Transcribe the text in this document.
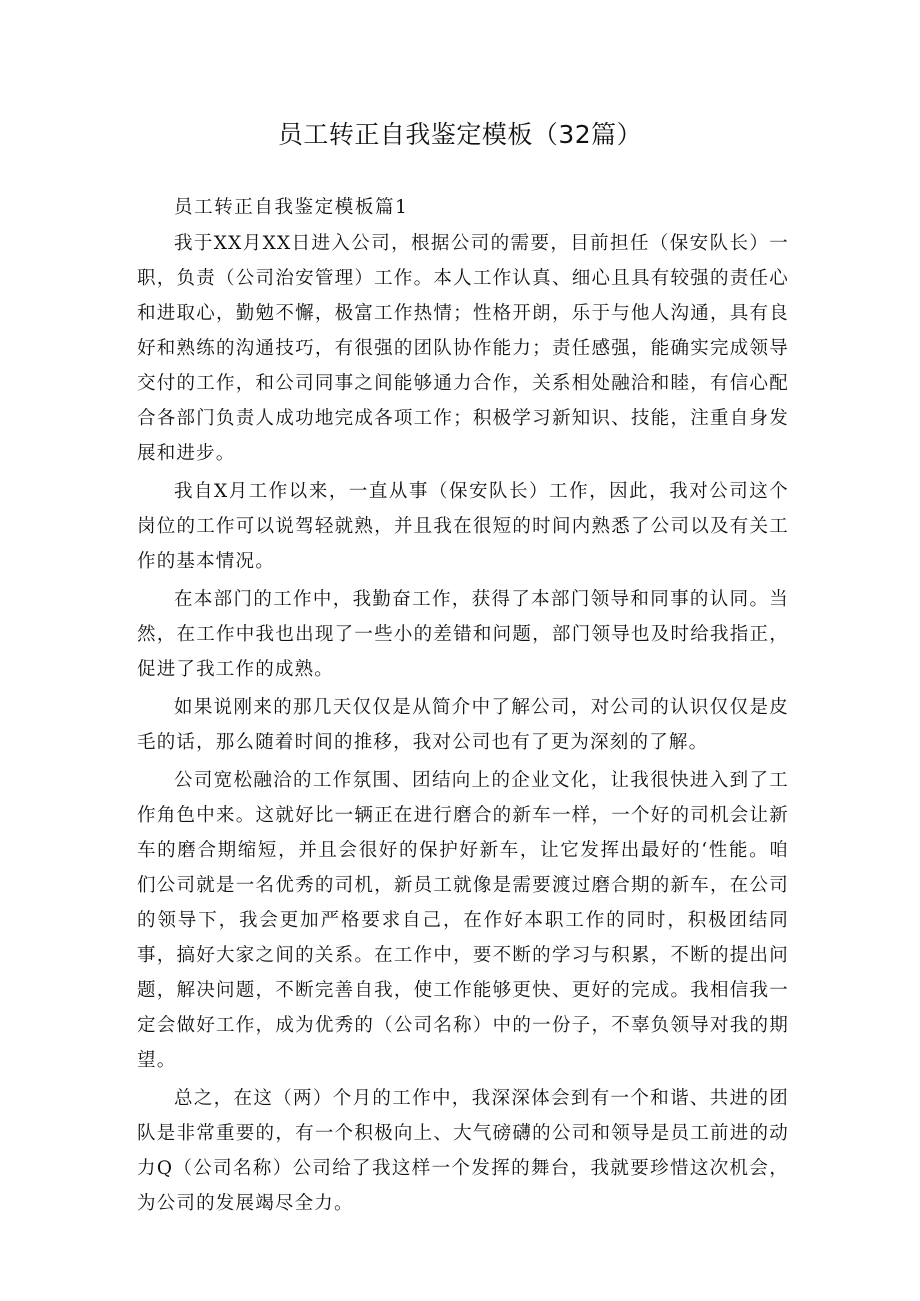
员工转正自我鉴定模板（32篇）

员工转正自我鉴定模板篇1

我于XX月XX日进入公司，根据公司的需要，目前担任（保安队长）一职，负责（公司治安管理）工作。本人工作认真、细心且具有较强的责任心和进取心，勤勉不懈，极富工作热情；性格开朗，乐于与他人沟通，具有良好和熟练的沟通技巧，有很强的团队协作能力；责任感强，能确实完成领导交付的工作，和公司同事之间能够通力合作，关系相处融洽和睦，有信心配合各部门负责人成功地完成各项工作；积极学习新知识、技能，注重自身发展和进步。

我自X月工作以来，一直从事（保安队长）工作，因此，我对公司这个岗位的工作可以说驾轻就熟，并且我在很短的时间内熟悉了公司以及有关工作的基本情况。

在本部门的工作中，我勤奋工作，获得了本部门领导和同事的认同。当然，在工作中我也出现了一些小的差错和问题，部门领导也及时给我指正，促进了我工作的成熟。

如果说刚来的那几天仅仅是从简介中了解公司，对公司的认识仅仅是皮毛的话，那么随着时间的推移，我对公司也有了更为深刻的了解。

公司宽松融洽的工作氛围、团结向上的企业文化，让我很快进入到了工作角色中来。这就好比一辆正在进行磨合的新车一样，一个好的司机会让新车的磨合期缩短，并且会很好的保护好新车，让它发挥出最好的‘性能。咱们公司就是一名优秀的司机，新员工就像是需要渡过磨合期的新车，在公司的领导下，我会更加严格要求自己，在作好本职工作的同时，积极团结同事，搞好大家之间的关系。在工作中，要不断的学习与积累，不断的提出问题，解决问题，不断完善自我，使工作能够更快、更好的完成。我相信我一定会做好工作，成为优秀的（公司名称）中的一份子，不辜负领导对我的期望。

总之，在这（两）个月的工作中，我深深体会到有一个和谐、共进的团队是非常重要的，有一个积极向上、大气磅礴的公司和领导是员工前进的动力Q（公司名称）公司给了我这样一个发挥的舞台，我就要珍惜这次机会，为公司的发展竭尽全力。
